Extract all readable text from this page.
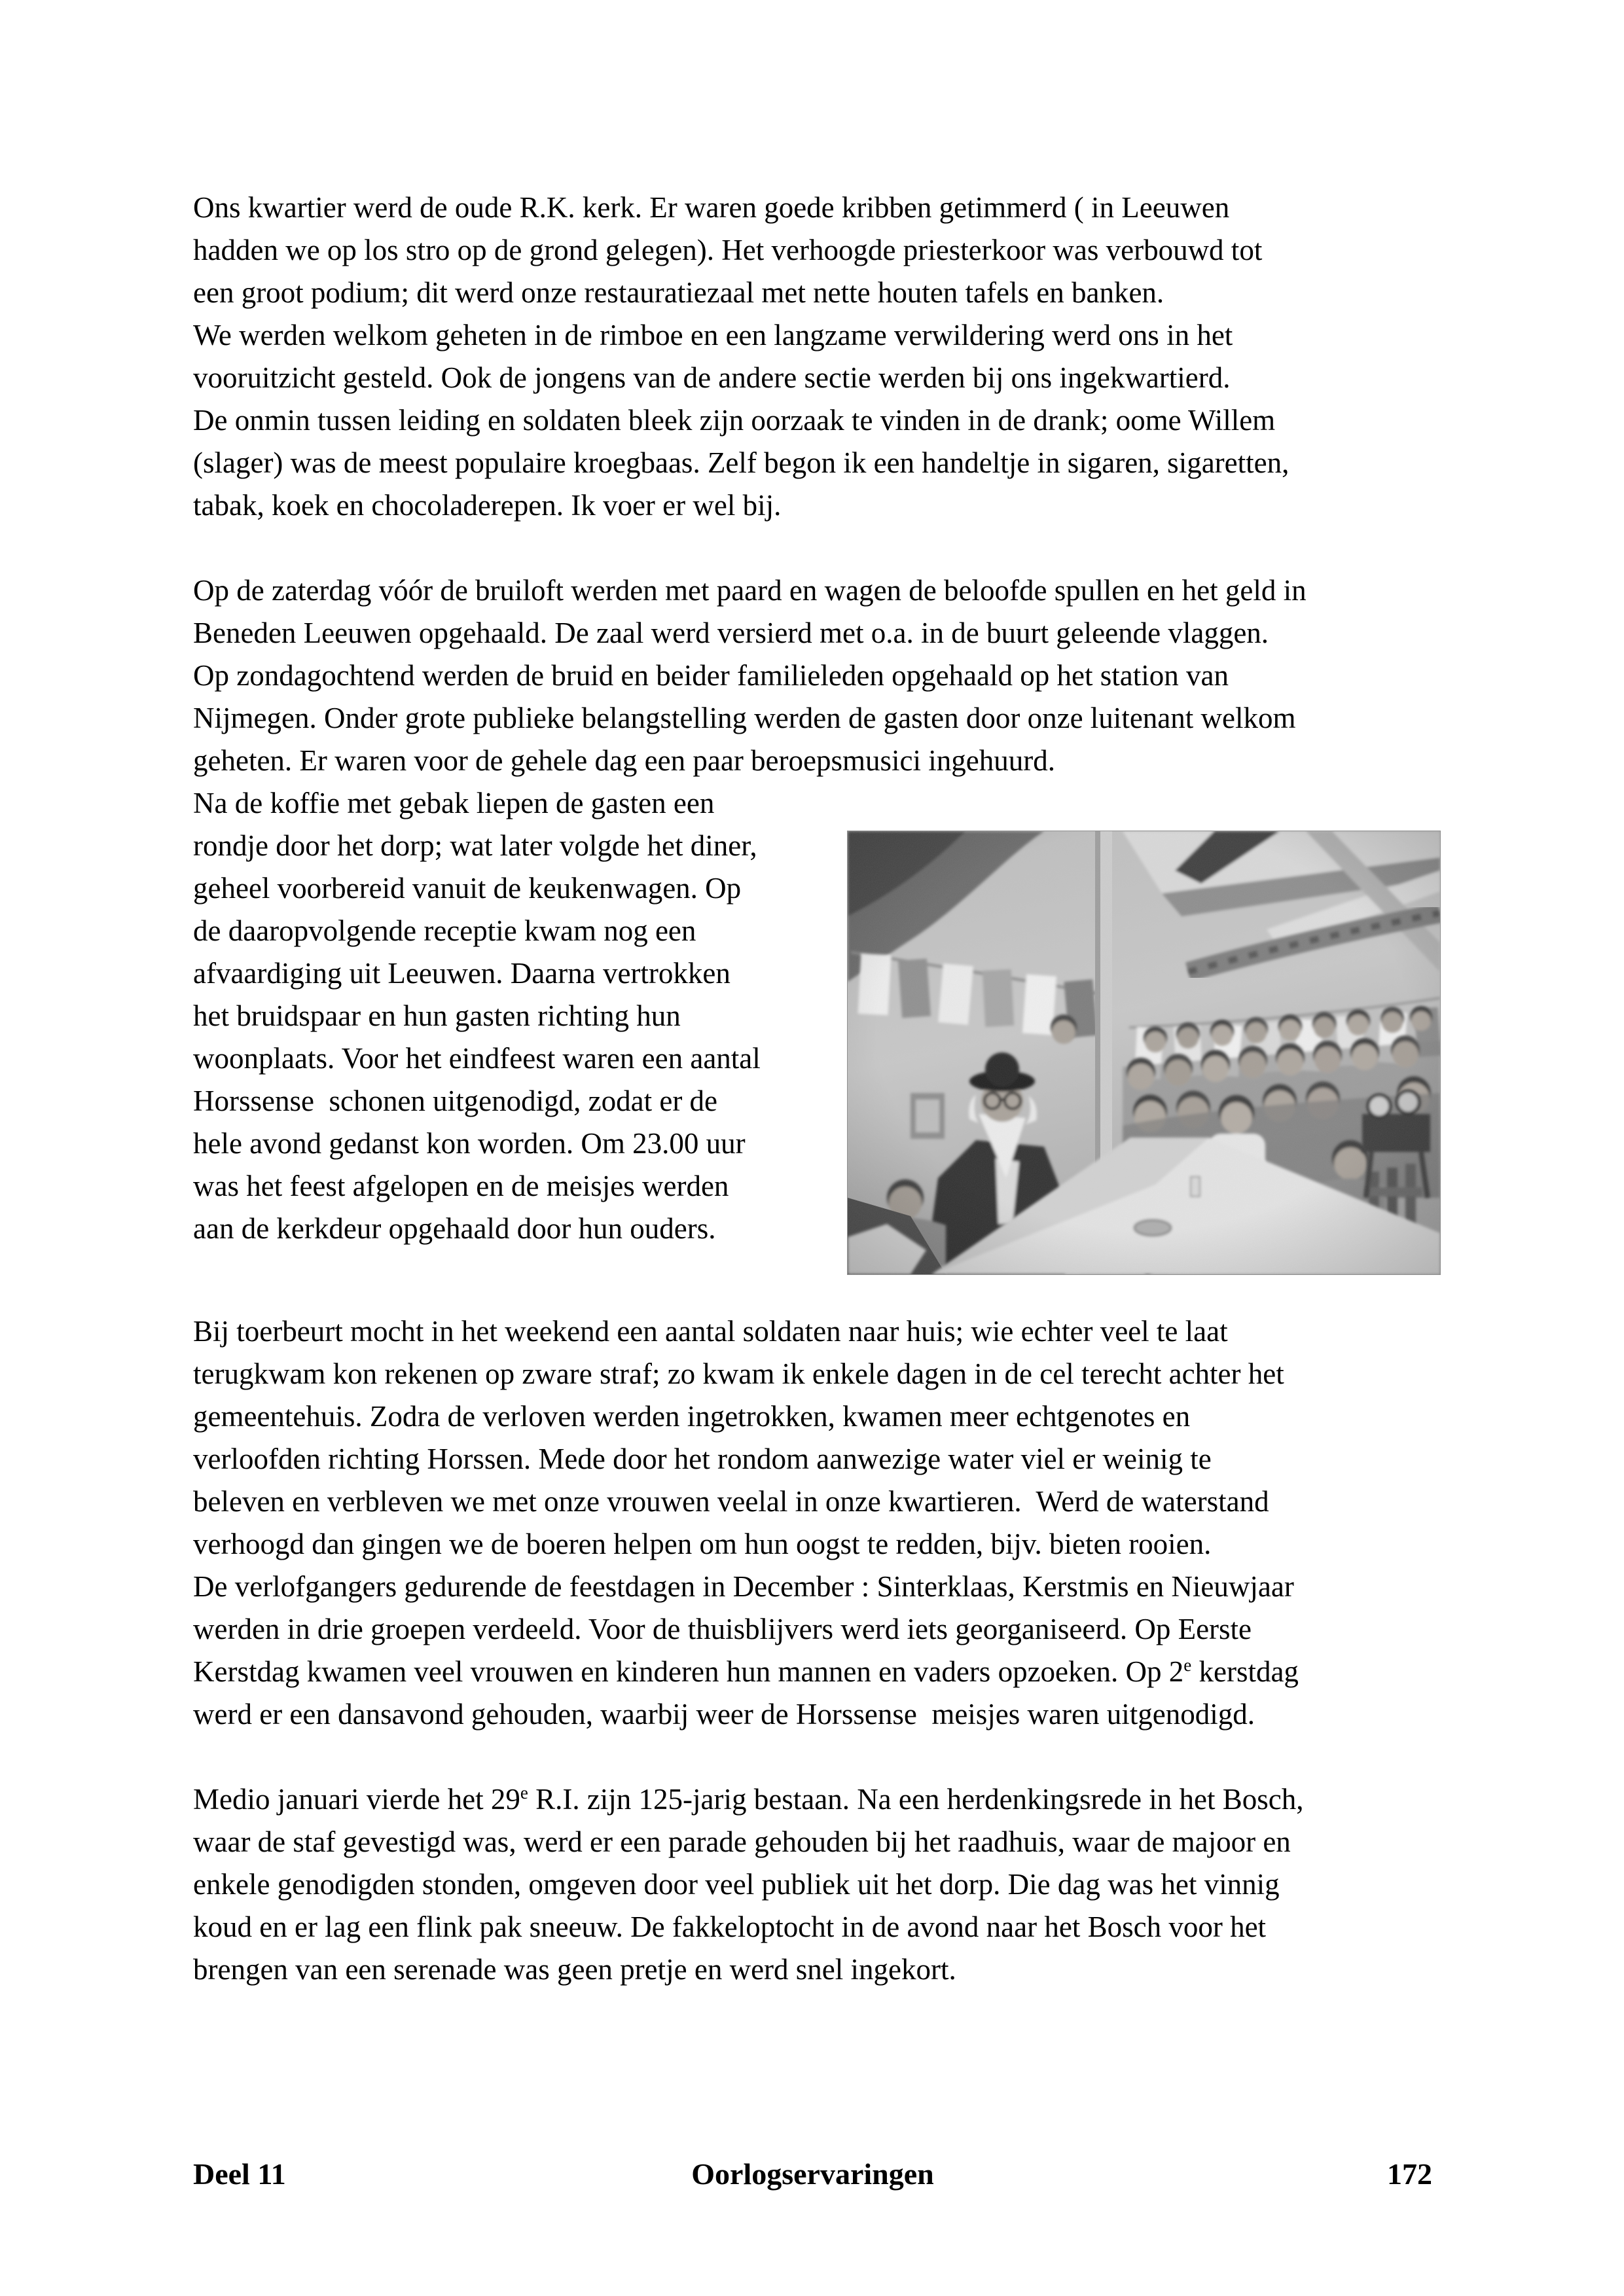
Ons kwartier werd de oude R.K. kerk. Er waren goede kribben getimmerd ( in Leeuwen
hadden we op los stro op de grond gelegen). Het verhoogde priesterkoor was verbouwd tot
een groot podium; dit werd onze restauratiezaal met nette houten tafels en banken.
We werden welkom geheten in de rimboe en een langzame verwildering werd ons in het
vooruitzicht gesteld. Ook de jongens van de andere sectie werden bij ons ingekwartierd.
De onmin tussen leiding en soldaten bleek zijn oorzaak te vinden in de drank; oome Willem
(slager) was de meest populaire kroegbaas. Zelf begon ik een handeltje in sigaren, sigaretten,
tabak, koek en chocoladerepen. Ik voer er wel bij.
Op de zaterdag vóór de bruiloft werden met paard en wagen de beloofde spullen en het geld in
Beneden Leeuwen opgehaald. De zaal werd versierd met o.a. in de buurt geleende vlaggen.
Op zondagochtend werden de bruid en beider familieleden opgehaald op het station van
Nijmegen. Onder grote publieke belangstelling werden de gasten door onze luitenant welkom
geheten. Er waren voor de gehele dag een paar beroepsmusici ingehuurd.
Na de koffie met gebak liepen de gasten een
rondje door het dorp; wat later volgde het diner,
geheel voorbereid vanuit de keukenwagen. Op
de daaropvolgende receptie kwam nog een
afvaardiging uit Leeuwen. Daarna vertrokken
het bruidspaar en hun gasten richting hun
woonplaats. Voor het eindfeest waren een aantal
Horssense  schonen uitgenodigd, zodat er de
hele avond gedanst kon worden. Om 23.00 uur
was het feest afgelopen en de meisjes werden
aan de kerkdeur opgehaald door hun ouders.
Bij toerbeurt mocht in het weekend een aantal soldaten naar huis; wie echter veel te laat
terugkwam kon rekenen op zware straf; zo kwam ik enkele dagen in de cel terecht achter het
gemeentehuis. Zodra de verloven werden ingetrokken, kwamen meer echtgenotes en
verloofden richting Horssen. Mede door het rondom aanwezige water viel er weinig te
beleven en verbleven we met onze vrouwen veelal in onze kwartieren.  Werd de waterstand
verhoogd dan gingen we de boeren helpen om hun oogst te redden, bijv. bieten rooien.
De verlofgangers gedurende de feestdagen in December : Sinterklaas, Kerstmis en Nieuwjaar
werden in drie groepen verdeeld. Voor de thuisblijvers werd iets georganiseerd. Op Eerste
Kerstdag kwamen veel vrouwen en kinderen hun mannen en vaders opzoeken. Op 2e kerstdag
werd er een dansavond gehouden, waarbij weer de Horssense  meisjes waren uitgenodigd.
Medio januari vierde het 29e R.I. zijn 125-jarig bestaan. Na een herdenkingsrede in het Bosch,
waar de staf gevestigd was, werd er een parade gehouden bij het raadhuis, waar de majoor en
enkele genodigden stonden, omgeven door veel publiek uit het dorp. Die dag was het vinnig
koud en er lag een flink pak sneeuw. De fakkeloptocht in de avond naar het Bosch voor het
brengen van een serenade was geen pretje en werd snel ingekort.
Deel 11	Oorlogservaringen	172
